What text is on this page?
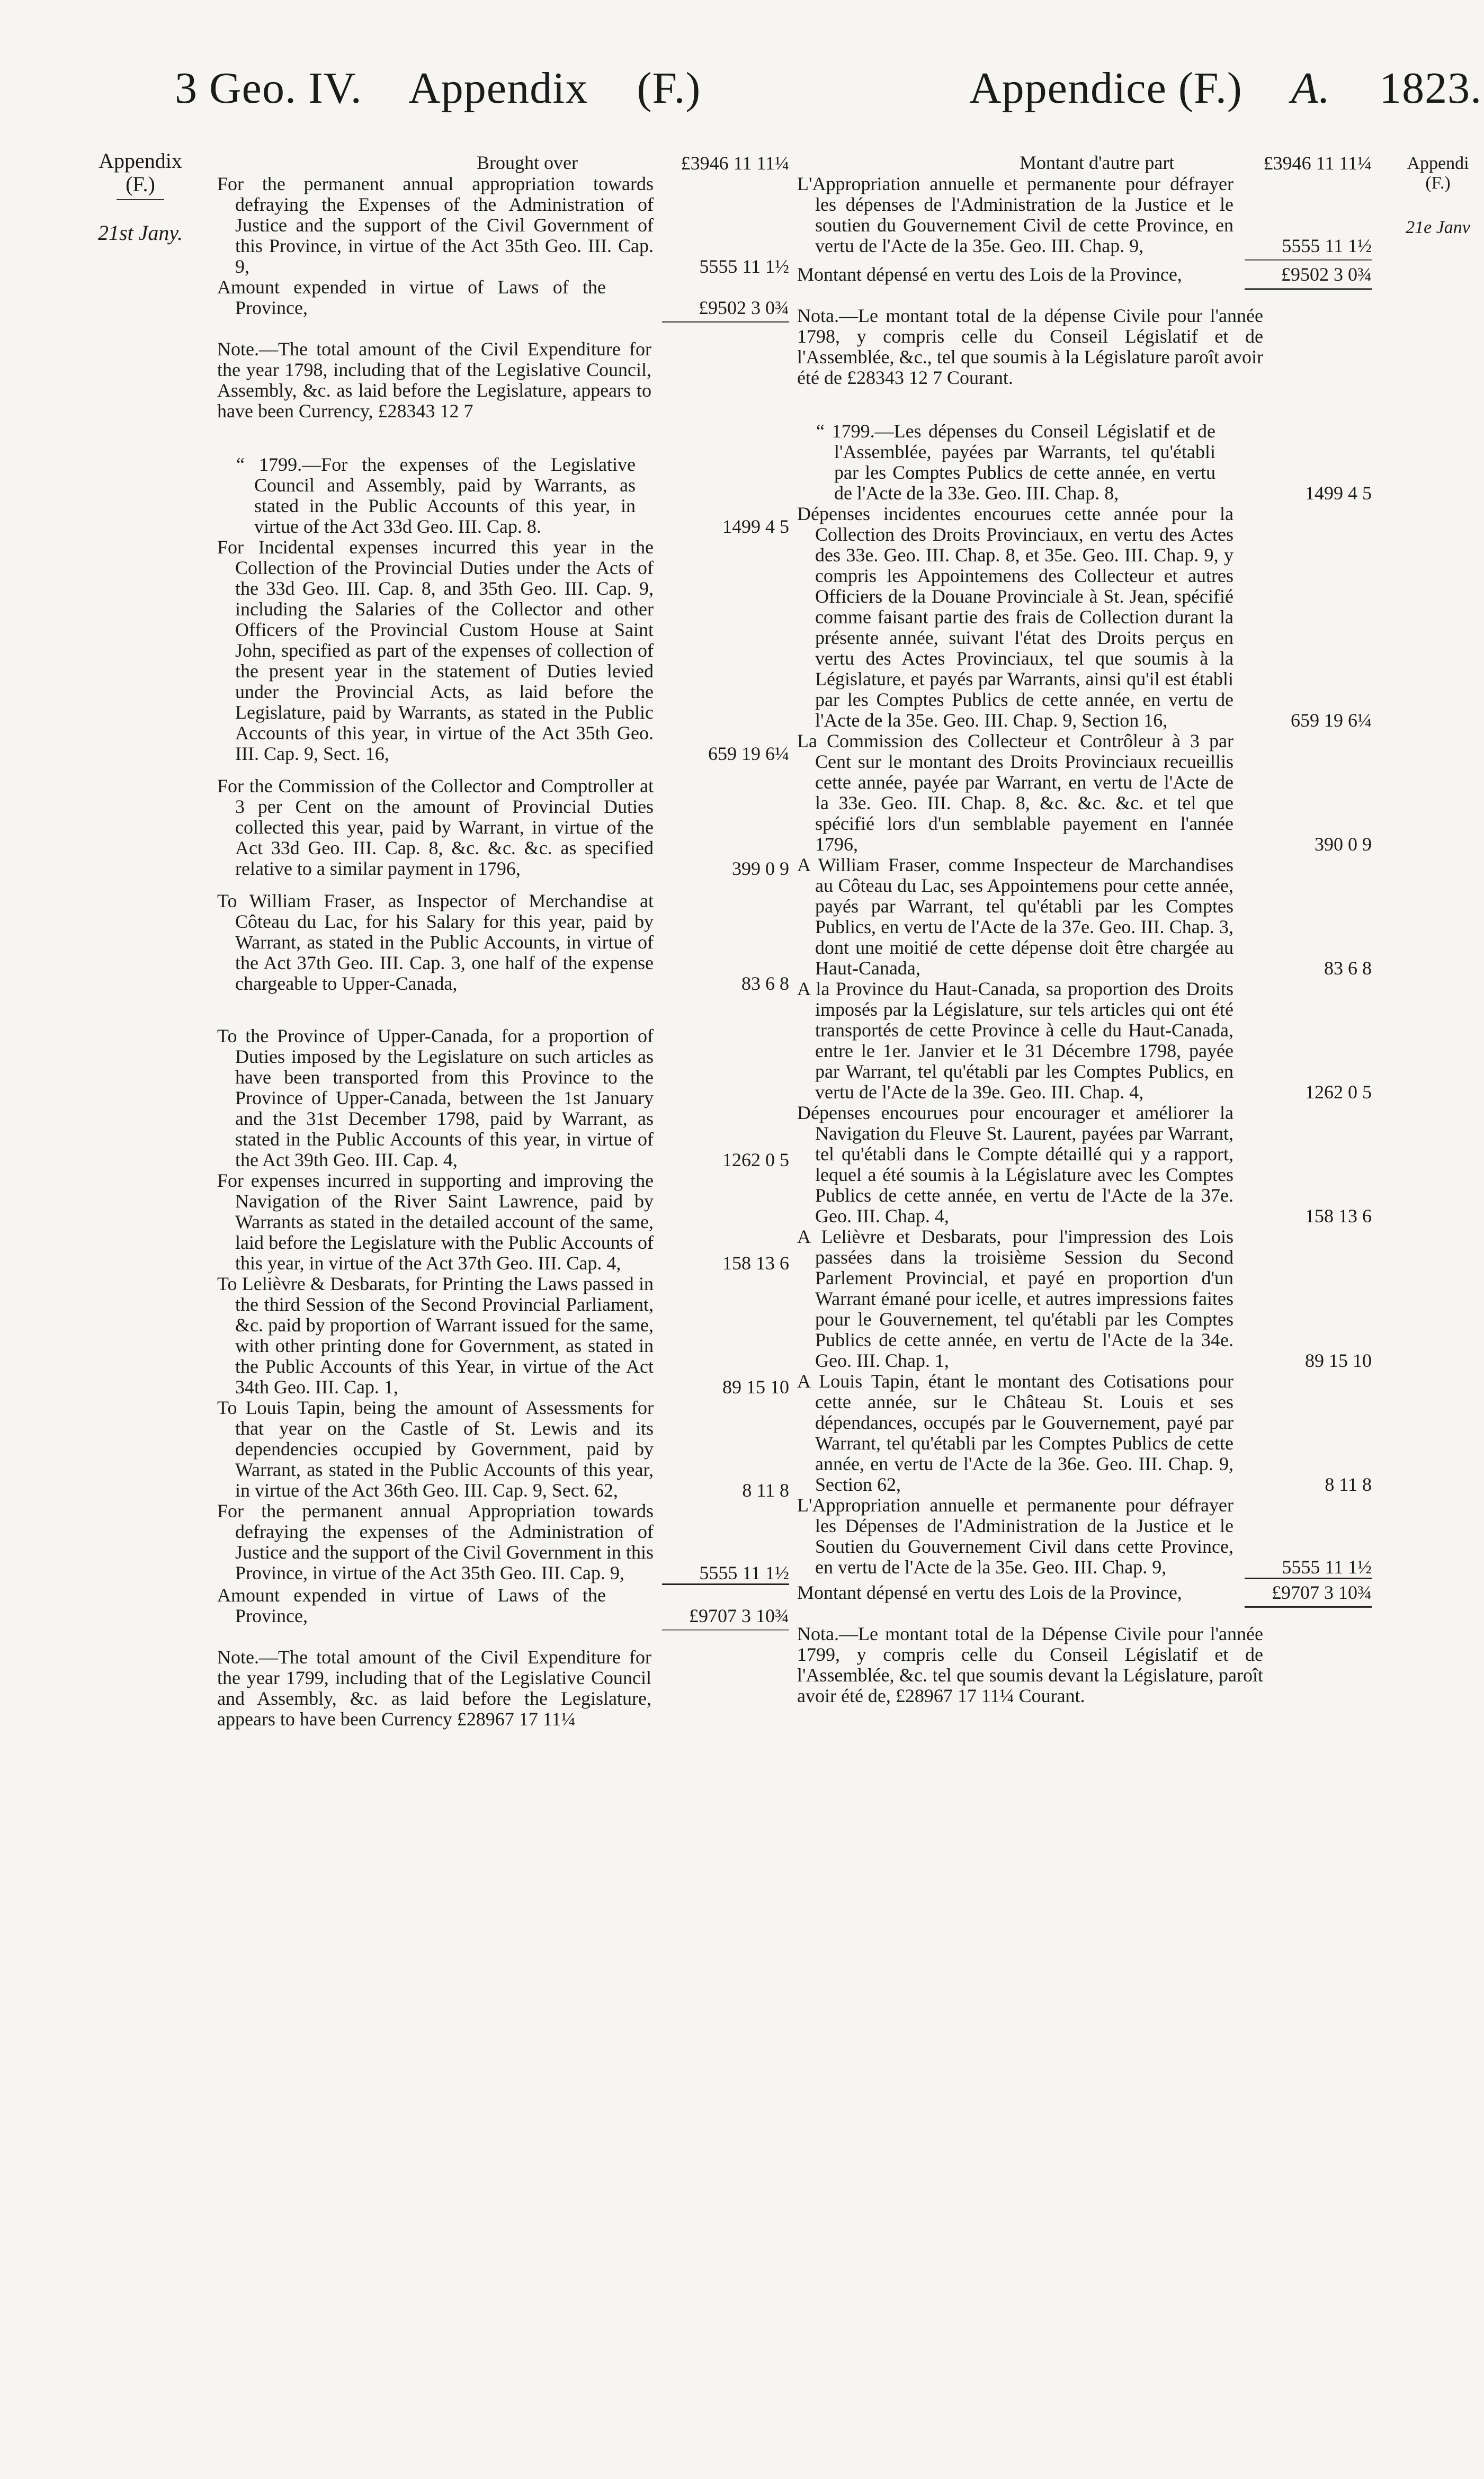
3 Geo. IV. Appendix (F.)	Appendice (F.) A. 1823.
Appendix
(F.)
21st Jany.
Appendi
(F.)
21e Janv
Brought over	£3946 11 11¼
For the permanent annual appropriation towards defraying the Expenses of the Administration of Justice and the support of the Civil Government of this Province, in virtue of the Act 35th Geo. III. Cap. 9,	5555 11 1½
Amount expended in virtue of Laws of the Province,	£9502 3 0¾
Note.—The total amount of the Civil Expenditure for the year 1798, including that of the Legislative Council, Assembly, &c. as laid before the Legislature, appears to have been Currency, £28343 12 7
“ 1799.—For the expenses of the Legislative Council and Assembly, paid by Warrants, as stated in the Public Accounts of this year, in virtue of the Act 33d Geo. III. Cap. 8.	1499 4 5
For Incidental expenses incurred this year in the Collection of the Provincial Duties under the Acts of the 33d Geo. III. Cap. 8, and 35th Geo. III. Cap. 9, including the Salaries of the Collector and other Officers of the Provincial Custom House at Saint John, specified as part of the expenses of collection of the present year in the statement of Duties levied under the Provincial Acts, as laid before the Legislature, paid by Warrants, as stated in the Public Accounts of this year, in virtue of the Act 35th Geo. III. Cap. 9, Sect. 16,	659 19 6¼
For the Commission of the Collector and Comptroller at 3 per Cent on the amount of Provincial Duties collected this year, paid by Warrant, in virtue of the Act 33d Geo. III. Cap. 8, &c. &c. &c. as specified relative to a similar payment in 1796,	399 0 9
To William Fraser, as Inspector of Merchandise at Côteau du Lac, for his Salary for this year, paid by Warrant, as stated in the Public Accounts, in virtue of the Act 37th Geo. III. Cap. 3, one half of the expense chargeable to Upper-Canada,	83 6 8
To the Province of Upper-Canada, for a proportion of Duties imposed by the Legislature on such articles as have been transported from this Province to the Province of Upper-Canada, between the 1st January and the 31st December 1798, paid by Warrant, as stated in the Public Accounts of this year, in virtue of the Act 39th Geo. III. Cap. 4,	1262 0 5
For expenses incurred in supporting and improving the Navigation of the River Saint Lawrence, paid by Warrants as stated in the detailed account of the same, laid before the Legislature with the Public Accounts of this year, in virtue of the Act 37th Geo. III. Cap. 4,	158 13 6
To Lelièvre & Desbarats, for Printing the Laws passed in the third Session of the Second Provincial Parliament, &c. paid by proportion of Warrant issued for the same, with other printing done for Government, as stated in the Public Accounts of this Year, in virtue of the Act 34th Geo. III. Cap. 1,	89 15 10
To Louis Tapin, being the amount of Assessments for that year on the Castle of St. Lewis and its dependencies occupied by Government, paid by Warrant, as stated in the Public Accounts of this year, in virtue of the Act 36th Geo. III. Cap. 9, Sect. 62,	8 11 8
For the permanent annual Appropriation towards defraying the expenses of the Administration of Justice and the support of the Civil Government in this Province, in virtue of the Act 35th Geo. III. Cap. 9,	5555 11 1½
Amount expended in virtue of Laws of the Province,	£9707 3 10¾
Note.—The total amount of the Civil Expenditure for the year 1799, including that of the Legislative Council and Assembly, &c. as laid before the Legislature, appears to have been Currency £28967 17 11¼
Montant d'autre part	£3946 11 11¼
L'Appropriation annuelle et permanente pour défrayer les dépenses de l'Administration de la Justice et le soutien du Gouvernement Civil de cette Province, en vertu de l'Acte de la 35e. Geo. III. Chap. 9,	5555 11 1½
Montant dépensé en vertu des Lois de la Province,	£9502 3 0¾
Nota.—Le montant total de la dépense Civile pour l'année 1798, y compris celle du Conseil Législatif et de l'Assemblée, &c., tel que soumis à la Législature paroît avoir été de £28343 12 7 Courant.
“ 1799.—Les dépenses du Conseil Législatif et de l'Assemblée, payées par Warrants, tel qu'établi par les Comptes Publics de cette année, en vertu de l'Acte de la 33e. Geo. III. Chap. 8,	1499 4 5
Dépenses incidentes encourues cette année pour la Collection des Droits Provinciaux, en vertu des Actes des 33e. Geo. III. Chap. 8, et 35e. Geo. III. Chap. 9, y compris les Appointemens des Collecteur et autres Officiers de la Douane Provinciale à St. Jean, spécifié comme faisant partie des frais de Collection durant la présente année, suivant l'état des Droits perçus en vertu des Actes Provinciaux, tel que soumis à la Législature, et payés par Warrants, ainsi qu'il est établi par les Comptes Publics de cette année, en vertu de l'Acte de la 35e. Geo. III. Chap. 9, Section 16,	659 19 6¼
La Commission des Collecteur et Contrôleur à 3 par Cent sur le montant des Droits Provinciaux recueillis cette année, payée par Warrant, en vertu de l'Acte de la 33e. Geo. III. Chap. 8, &c. &c. &c. et tel que spécifié lors d'un semblable payement en l'année 1796,	390 0 9
A William Fraser, comme Inspecteur de Marchandises au Côteau du Lac, ses Appointemens pour cette année, payés par Warrant, tel qu'établi par les Comptes Publics, en vertu de l'Acte de la 37e. Geo. III. Chap. 3, dont une moitié de cette dépense doit être chargée au Haut-Canada,	83 6 8
A la Province du Haut-Canada, sa proportion des Droits imposés par la Législature, sur tels articles qui ont été transportés de cette Province à celle du Haut-Canada, entre le 1er. Janvier et le 31 Décembre 1798, payée par Warrant, tel qu'établi par les Comptes Publics, en vertu de l'Acte de la 39e. Geo. III. Chap. 4,	1262 0 5
Dépenses encourues pour encourager et améliorer la Navigation du Fleuve St. Laurent, payées par Warrant, tel qu'établi dans le Compte détaillé qui y a rapport, lequel a été soumis à la Législature avec les Comptes Publics de cette année, en vertu de l'Acte de la 37e. Geo. III. Chap. 4,	158 13 6
A Lelièvre et Desbarats, pour l'impression des Lois passées dans la troisième Session du Second Parlement Provincial, et payé en proportion d'un Warrant émané pour icelle, et autres impressions faites pour le Gouvernement, tel qu'établi par les Comptes Publics de cette année, en vertu de l'Acte de la 34e. Geo. III. Chap. 1,	89 15 10
A Louis Tapin, étant le montant des Cotisations pour cette année, sur le Château St. Louis et ses dépendances, occupés par le Gouvernement, payé par Warrant, tel qu'établi par les Comptes Publics de cette année, en vertu de l'Acte de la 36e. Geo. III. Chap. 9, Section 62,	8 11 8
L'Appropriation annuelle et permanente pour défrayer les Dépenses de l'Administration de la Justice et le Soutien du Gouvernement Civil dans cette Province, en vertu de l'Acte de la 35e. Geo. III. Chap. 9,	5555 11 1½
Montant dépensé en vertu des Lois de la Province,	£9707 3 10¾
Nota.—Le montant total de la Dépense Civile pour l'année 1799, y compris celle du Conseil Législatif et de l'Assemblée, &c. tel que soumis devant la Législature, paroît avoir été de, £28967 17 11¼ Courant.
